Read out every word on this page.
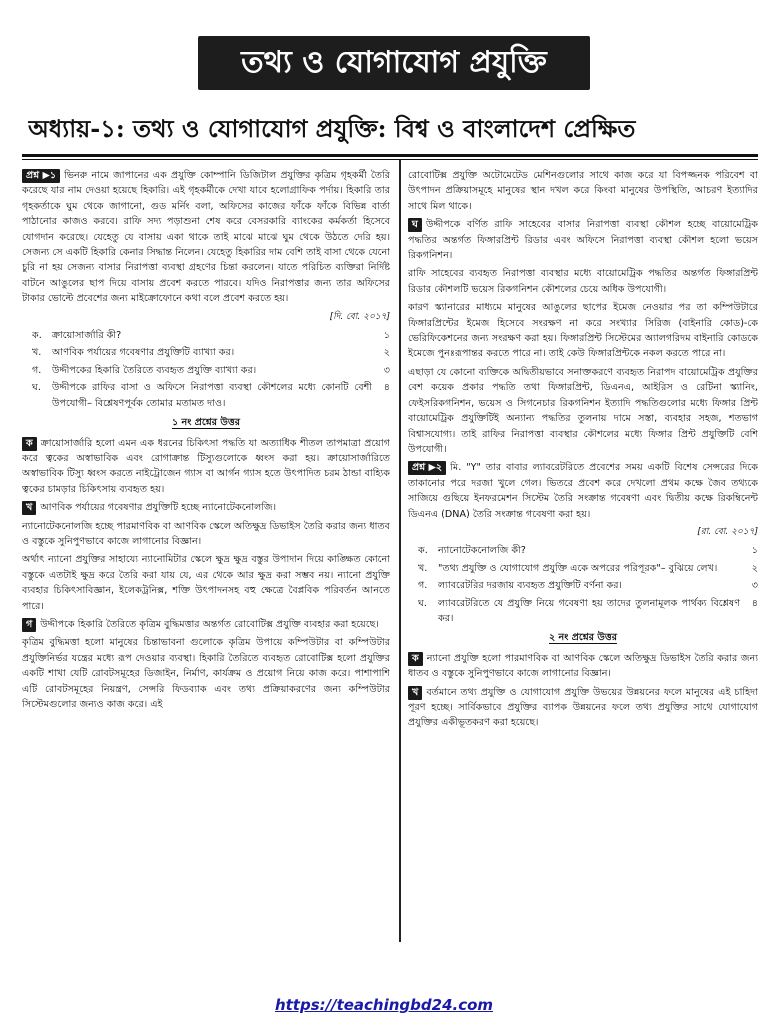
তথ্য ও যোগাযোগ প্রযুক্তি
অধ্যায়-১: তথ্য ও যোগাযোগ প্রযুক্তি: বিশ্ব ও বাংলাদেশ প্রেক্ষিত

প্রশ্ন ▶১ ভিনরু নামে জাপানের এক প্রযুক্তি কোম্পানি ডিজিটাল প্রযুক্তির কৃত্রিম গৃহকর্মী তৈরি করেছে যার নাম দেওয়া হয়েছে হিকারি। এই গৃহকর্মীকে দেখা যাবে হলোগ্রাফিক পর্দায়। হিকারি তার গৃহকর্তাকে ঘুম থেকে জাগানো, গুড মর্নিং বলা, অফিসের কাজের ফাঁকে ফাঁকে বিভিন্ন বার্তা পাঠানোর কাজও করবে। রাফি সদ্য পড়াশুনা শেষ করে বেসরকারি ব্যাংকের কর্মকর্তা হিসেবে যোগদান করেছে। যেহেতু যে বাসায় একা থাকে তাই মাঝে মাঝে ঘুম থেকে উঠতে দেরি হয়। সেজন্য সে একটি হিকারি কেনার সিদ্ধান্ত নিলেন। যেহেতু হিকারির দাম বেশি তাই বাসা থেকে যেনো চুরি না হয় সেজন্য বাসার নিরাপত্তা ব্যবস্থা গ্রহণের চিন্তা করলেন। যাতে পরিচিত ব্যক্তিরা নির্দিষ্ট বাটনে আঙুলের ছাপ দিয়ে বাসায় প্রবেশ করতে পারবে। যদিও নিরাপত্তার জন্য তার অফিসের টাকার ভোল্টে প্রবেশের জন্য মাইক্রোফোনে কথা বলে প্রবেশ করতে হয়।

[দি. বো. ২০১৭]
ক.	ক্রায়োসার্জারি কী?	১
খ.	আণবিক পর্যায়ের গবেষণার প্রযুক্তিটি ব্যাখ্যা কর।	২
গ.	উদ্দীপকের হিকারি তৈরিতে ব্যবহৃত প্রযুক্তি ব্যাখ্যা কর।	৩
ঘ.	উদ্দীপকে রাফির বাসা ও অফিসে নিরাপত্তা ব্যবস্থা কৌশলের মধ্যে কোনটি বেশী উপযোগী– বিশ্লেষণপূর্বক তোমার মতামত দাও।
৪
১ নং প্রশ্নের উত্তর

ক ক্রায়োসার্জারি হলো এমন এক ধরনের চিকিৎসা পদ্ধতি যা অত্যাধিক শীতল তাপমাত্রা প্রয়োগ করে ত্বকের অস্বাভাবিক এবং রোগাক্রান্ত টিস্যুগুলোকে ধ্বংস করা হয়। ক্রায়োসার্জারিতে অস্বাভাবিক টিস্যু ধ্বংস করতে নাইট্রোজেন গ্যাস বা আর্গন গ্যাস হতে উৎপাদিত চরম ঠান্ডা বাহ্যিক ত্বকের চামড়ার চিকিৎসায় ব্যবহৃত হয়।

খ আণবিক পর্যায়ের গবেষণার প্রযুক্তিটি হচ্ছে ন্যানোটেকনোলজি।

ন্যানোটেকনোলজি হচ্ছে পারমাণবিক বা আণবিক স্কেলে অতিক্ষুদ্র ডিভাইস তৈরি করার জন্য ধাতব ও বস্তুকে সুনিপুণভাবে কাজে লাগানোর বিজ্ঞান।

অর্থাৎ ন্যানো প্রযুক্তির সাহায্যে ন্যানোমিটার স্কেলে ক্ষুদ্র ক্ষুদ্র বস্তুর উপাদান দিয়ে কাঙ্ক্ষিত কোনো বস্তুকে এতটাই ক্ষুদ্র করে তৈরি করা যায় যে, এর থেকে আর ক্ষুদ্র করা সম্ভব নয়। ন্যানো প্রযুক্তি ব্যবহার চিকিৎসাবিজ্ঞান, ইলেকট্রনিক্স, শক্তি উৎপাদনসহ বহু ক্ষেত্রে বৈপ্লবিক পরিবর্তন আনতে পারে।

গ উদ্দীপকে হিকারি তৈরিতে কৃত্রিম বুদ্ধিমত্তার অন্তর্গত রোবোটিক্স প্রযুক্তি ব্যবহার করা হয়েছে।

কৃত্রিম বুদ্ধিমত্তা হলো মানুষের চিন্তাভাবনা গুলোকে কৃত্রিম উপায়ে কম্পিউটার বা কম্পিউটার প্রযুক্তিনির্ভর যন্ত্রের মধ্যে রূপ দেওয়ার ব্যবস্থা। হিকারি তৈরিতে ব্যবহৃত রোবোটিক্স হলো প্রযুক্তির একটি শাখা যেটি রোবটসমূহের ডিজাইন, নির্মাণ, কার্যক্রম ও প্রয়োগ নিয়ে কাজ করে। পাশাপাশি এটি রোবটসমূহের নিয়ন্ত্রণ, সেন্সরি ফিডব্যাক এবং তথ্য প্রক্রিয়াকরণের জন্য কম্পিউটার সিস্টেমগুলোর জন্যও কাজ করে। এই

রোবোটিক্স প্রযুক্তি অটোমেটেড মেশিনগুলোর সাথে কাজ করে যা বিপজ্জনক পরিবেশ বা উৎপাদন প্রক্রিয়াসমূহে মানুষের স্থান দখল করে কিংবা মানুষের উপস্থিতি, আচরণ ইত্যাদির সাথে মিল থাকে।

ঘ উদ্দীপকে বর্ণিত রাফি সাহেবের বাসার নিরাপত্তা ব্যবস্থা কৌশল হচ্ছে বায়োমেট্রিক পদ্ধতির অন্তর্গত ফিঙ্গারপ্রিন্ট রিডার এবং অফিসে নিরাপত্তা ব্যবস্থা কৌশল হলো ভয়েস রিকগনিশন।

রাফি সাহেবের ব্যবহৃত নিরাপত্তা ব্যবস্থার মধ্যে বায়োমেট্রিক পদ্ধতির অন্তর্গত ফিঙ্গারপ্রিন্ট রিডার কৌশলটি ভয়েস রিকগনিশন কৌশলের চেয়ে অধিক উপযোগী।

কারণ স্ক্যানারের মাধ্যমে মানুষের আঙুলের ছাপের ইমেজ নেওয়ার পর তা কম্পিউটারে ফিঙ্গারপ্রিন্টের ইমেজ হিসেবে সংরক্ষণ না করে সংখ্যার সিরিজ (বাইনারি কোড)-কে ভেরিফিকেশনের জন্য সংরক্ষণ করা হয়। ফিঙ্গারপ্রিন্ট সিস্টেমের অ্যালগরিদম বাইনারি কোডকে ইমেজে পুনঃরূপান্তর করতে পারে না। তাই কেউ ফিঙ্গারপ্রিন্টকে নকল করতে পারে না।

এছাড়া যে কোনো ব্যক্তিকে অদ্বিতীয়ভাবে সনাক্তকরণে ব্যবহৃত নিরাপদ বায়োমেট্রিক প্রযুক্তির বেশ কয়েক প্রকার পদ্ধতি তথা ফিঙ্গারপ্রিন্ট, ডিএনএ, আইরিস ও রেটিনা স্ক্যানিং, ফেইসরিকগনিশন, ভয়েস ও সিগনেচার রিকগনিশন ইত্যাদি পদ্ধতিগুলোর মধ্যে ফিঙ্গার প্রিন্ট বায়োমেট্রিক প্রযুক্তিটিই অন্যান্য পদ্ধতির তুলনায় দামে সস্তা, ব্যবহার সহজ, শতভাগ বিশ্বাসযোগ্য। তাই রাফির নিরাপত্তা ব্যবস্থার কৌশলের মধ্যে ফিঙ্গার প্রিন্ট প্রযুক্তিটি বেশি উপযোগী।

প্রশ্ন ▶২ মি. "Y" তার বাবার ল্যাবরেটরিতে প্রবেশের সময় একটি বিশেষ সেন্সরের দিকে তাকানোর পরে দরজা খুলে গেল। ভিতরে প্রবেশ করে দেখলো প্রথম কক্ষে জৈব তথ্যকে সাজিয়ে গুছিয়ে ইনফরমেশন সিস্টেম তৈরি সংক্রান্ত গবেষণা এবং দ্বিতীয় কক্ষে রিকম্বিনেন্ট ডিএনএ (DNA) তৈরি সংক্রান্ত গবেষণা করা হয়।

[রা. বো. ২০১৭]
ক.	ন্যানোটেকনোলজি কী?	১
খ.	"তথ্য প্রযুক্তি ও যোগাযোগ প্রযুক্তি একে অপরের পরিপূরক"– বুঝিয়ে লেখ।	২
গ.	ল্যাবরেটরির দরজায় ব্যবহৃত প্রযুক্তিটি বর্ণনা কর।	৩
ঘ.	ল্যাবরেটরিতে যে প্রযুক্তি নিয়ে গবেষণা হয় তাদের তুলনামূলক পার্থক্য বিশ্লেষণ কর।
৪
২ নং প্রশ্নের উত্তর

ক ন্যানো প্রযুক্তি হলো পারমাণবিক বা আণবিক স্কেলে অতিক্ষুদ্র ডিভাইস তৈরি করার জন্য ধাতব ও বস্তুকে সুনিপুণভাবে কাজে লাগানোর বিজ্ঞান।

খ বর্তমানে তথ্য প্রযুক্তি ও যোগাযোগ প্রযুক্তি উভয়ের উন্নয়নের ফলে মানুষের এই চাহিদা পূরণ হচ্ছে। সার্বিকভাবে প্রযুক্তির ব্যাপক উন্নয়নের ফলে তথ্য প্রযুক্তির সাথে যোগাযোগ প্রযুক্তির একীভূতকরণ করা হয়েছে।

https://teachingbd24.com
